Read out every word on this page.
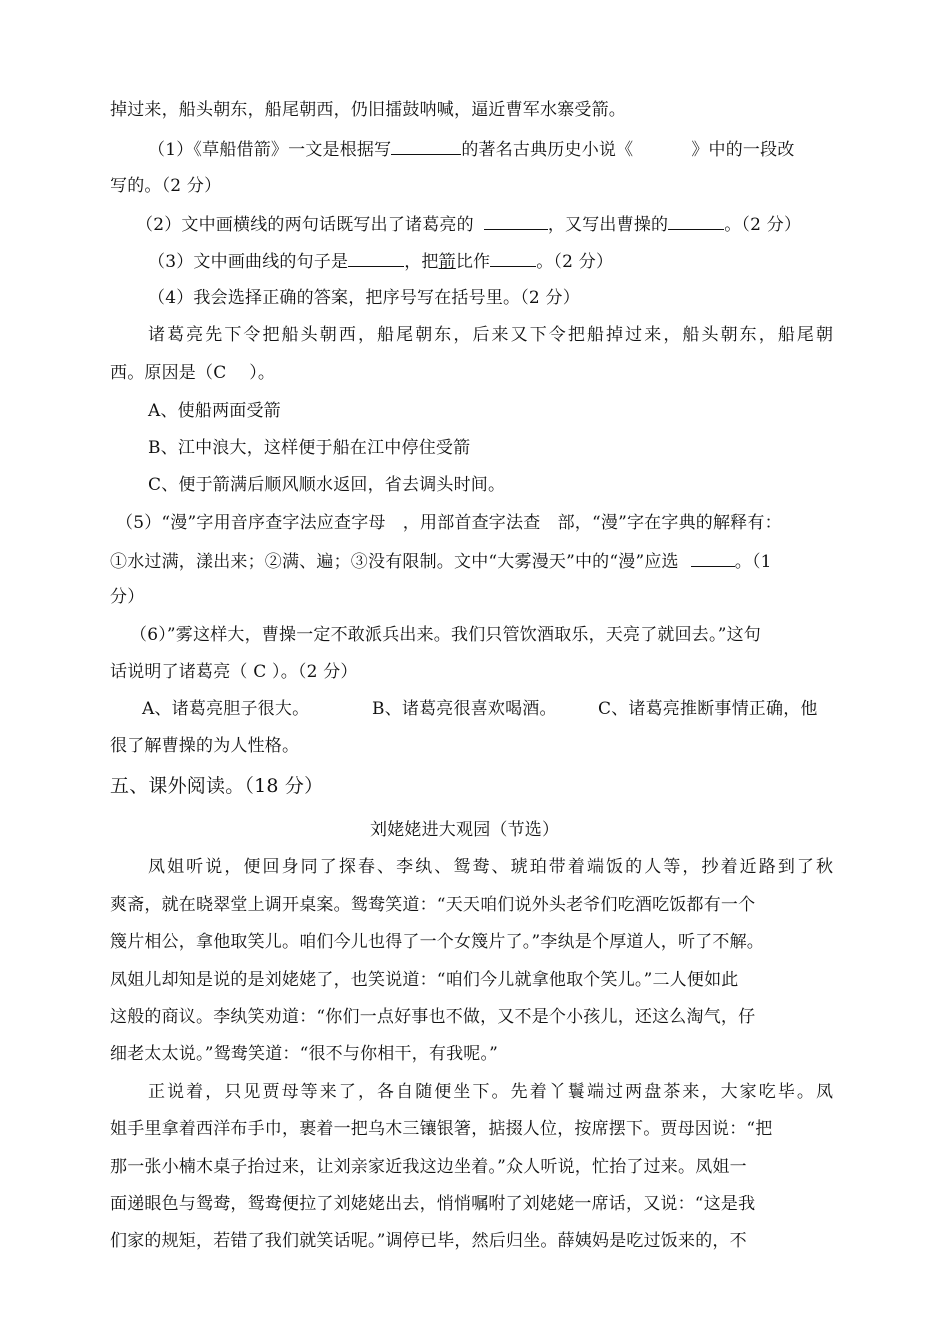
掉过来，船头朝东，船尾朝西，仍旧擂鼓呐喊，逼近曹军水寨受箭。
（1）《草船借箭》一文是根据写	的著名古典历史小说《	》中的一段改
写的。（2 分）
（2）文中画横线的两句话既写出了诸葛亮的	，又写出曹操的	。（2 分）
（3）文中画曲线的句子是	，把箭比作	。（2 分）
（4）我会选择正确的答案，把序号写在括号里。（2 分）
诸葛亮先下令把船头朝西，船尾朝东，后来又下令把船掉过来，船头朝东，船尾朝
西。原因是（C　 ）。
A、使船两面受箭
B、江中浪大，这样便于船在江中停住受箭
C、便于箭满后顺风顺水返回，省去调头时间。
（5）“漫”字用音序查字法应查字母　，用部首查字法查　部，“漫”字在字典的解释有：
①水过满，漾出来；②满、遍；③没有限制。文中“大雾漫天”中的“漫”应选	。（1
分）
（6）”雾这样大，曹操一定不敢派兵出来。我们只管饮酒取乐，天亮了就回去。”这句
话说明了诸葛亮（ C ）。（2 分）
A、诸葛亮胆子很大。	B、诸葛亮很喜欢喝酒。 C、诸葛亮推断事情正确，他
很了解曹操的为人性格。
五、课外阅读。（18 分）
刘姥姥进大观园（节选）
凤姐听说，便回身同了探春、李纨、鸳鸯、琥珀带着端饭的人等，抄着近路到了秋
爽斋，就在晓翠堂上调开桌案。鸳鸯笑道：“天天咱们说外头老爷们吃酒吃饭都有一个
篾片相公，拿他取笑儿。咱们今儿也得了一个女篾片了。”李纨是个厚道人，听了不解。
凤姐儿却知是说的是刘姥姥了，也笑说道：“咱们今儿就拿他取个笑儿。”二人便如此
这般的商议。李纨笑劝道：“你们一点好事也不做，又不是个小孩儿，还这么淘气，仔
细老太太说。”鸳鸯笑道：“很不与你相干，有我呢。”
正说着，只见贾母等来了，各自随便坐下。先着丫鬟端过两盘茶来，大家吃毕。凤
姐手里拿着西洋布手巾，裹着一把乌木三镶银箸，掂掇人位，按席摆下。贾母因说：“把
那一张小楠木桌子抬过来，让刘亲家近我这边坐着。”众人听说，忙抬了过来。凤姐一
面递眼色与鸳鸯，鸳鸯便拉了刘姥姥出去，悄悄嘱咐了刘姥姥一席话，又说：“这是我
们家的规矩，若错了我们就笑话呢。”调停已毕，然后归坐。薛姨妈是吃过饭来的，不
